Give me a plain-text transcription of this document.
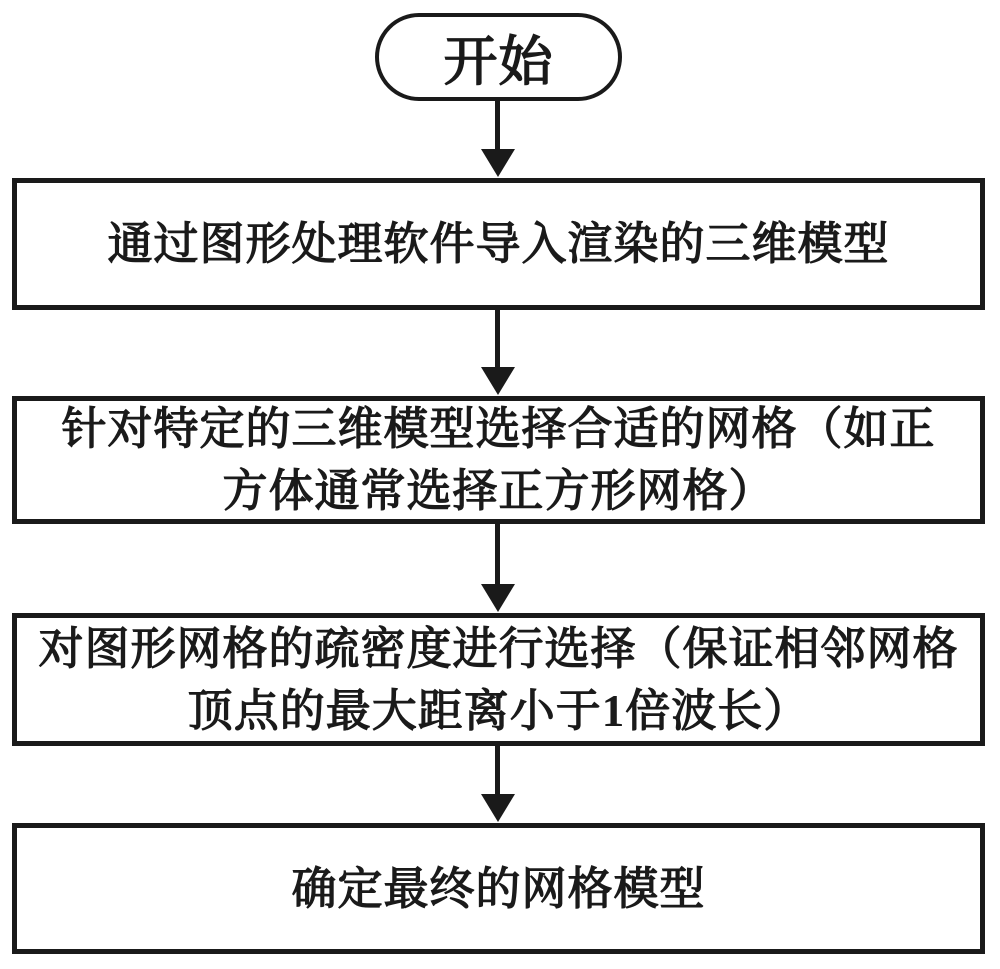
开始
通过图形处理软件导入渲染的三维模型
针对特定的三维模型选择合适的网格（如正
方体通常选择正方形网格）
对图形网格的疏密度进行选择（保证相邻网格
顶点的最大距离小于1倍波长）
确定最终的网格模型
